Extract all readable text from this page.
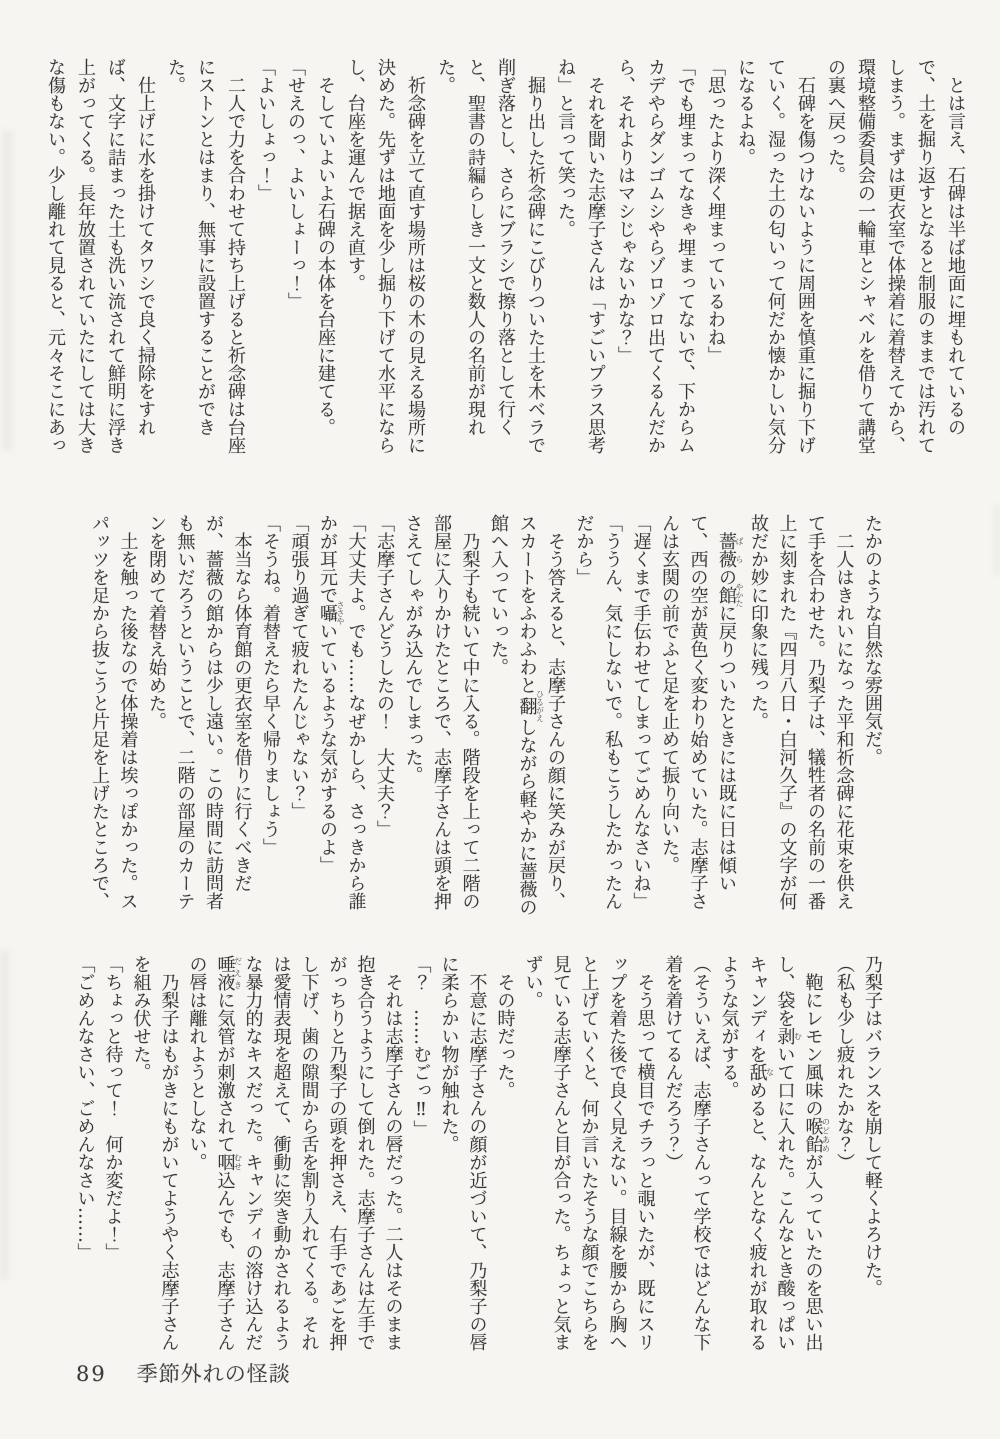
とは言え、石碑は半ば地面に埋もれているので、土を掘り返すとなると制服のままでは汚れてしまう。まずは更衣室で体操着に着替えてから、環境整備委員会の一輪車とシャベルを借りて講堂の裏へ戻った。

石碑を傷つけないように周囲を慎重に掘り下げていく。湿った土の匂いって何だか懐かしい気分になるよね。

「思ったより深く埋まっているわね」

「でも埋まってなきゃ埋まってないで、下からムカデやらダンゴムシやらゾロゾロ出てくるんだから、それよりはマシじゃないかな？」

それを聞いた志摩子さんは「すごいプラス思考ね」と言って笑った。

掘り出した祈念碑にこびりついた土を木ベラで削ぎ落とし、さらにブラシで擦り落として行くと、聖書の詩編らしき一文と数人の名前が現れた。

祈念碑を立て直す場所は桜の木の見える場所に決めた。先ずは地面を少し掘り下げて水平にならし、台座を運んで据え直す。

そしていよいよ石碑の本体を台座に建てる。

「せえのっ、よいしょーっ！」

「よいしょっ！」

二人で力を合わせて持ち上げると祈念碑は台座にストンとはまり、無事に設置することができた。

仕上げに水を掛けてタワシで良く掃除をすれば、文字に詰まった土も洗い流されて鮮明に浮き上がってくる。長年放置されていたにしては大きな傷もない。少し離れて見ると、元々そこにあっ

たかのような自然な雰囲気だ。

二人はきれいになった平和祈念碑に花束を供えて手を合わせた。乃梨子は、犠牲者の名前の一番上に刻まれた『四月八日・白河久子』の文字が何故だか妙に印象に残った。

薔薇ばらの館やかたに戻りついたときには既に日は傾いて、西の空が黄色く変わり始めていた。志摩子さんは玄関の前でふと足を止めて振り向いた。

「遅くまで手伝わせてしまってごめんなさいね」

「ううん、気にしないで。私もこうしたかったんだから」

そう答えると、志摩子さんの顔に笑みが戻り、スカートをふわふわと翻ひるがえしながら軽やかに薔薇の館へ入っていった。

乃梨子も続いて中に入る。階段を上って二階の部屋に入りかけたところで、志摩子さんは頭を押さえてしゃがみ込んでしまった。

「志摩子さんどうしたの！　大丈夫？」

「大丈夫よ。でも……なぜかしら、さっきから誰かが耳元で囁ささやいているような気がするのよ」

「頑張り過ぎて疲れたんじゃない？」

「そうね。着替えたら早く帰りましょう」

本当なら体育館の更衣室を借りに行くべきだが、薔薇の館からは少し遠い。この時間に訪問者も無いだろうということで、二階の部屋のカーテンを閉めて着替え始めた。

土を触った後なので体操着は埃っぽかった。スパッツを足から抜こうと片足を上げたところで、

乃梨子はバランスを崩して軽くよろけた。

（私も少し疲れたかな？）

鞄にレモン風味の喉飴のどあめが入っていたのを思い出し、袋を剥むいて口に入れた。こんなとき酸っぱいキャンディを舐なめると、なんとなく疲れが取れるような気がする。

（そういえば、志摩子さんって学校ではどんな下着を着けてるんだろう？）

そう思って横目でチラっと覗いたが、既にスリップを着た後で良く見えない。目線を腰から胸へと上げていくと、何か言いたそうな顔でこちらを見ている志摩子さんと目が合った。ちょっと気まずい。

その時だった。

不意に志摩子さんの顔が近づいて、乃梨子の唇に柔らかい物が触れた。

「？　……むごっ‼」

それは志摩子さんの唇だった。二人はそのまま抱き合うようにして倒れた。志摩子さんは左手でがっちりと乃梨子の頭を押さえ、右手であごを押し下げ、歯の隙間から舌を割り入れてくる。それは愛情表現を超えて、衝動に突き動かされるような暴力的なキスだった。キャンディの溶け込んだ唾液だえきに気管が刺激されて咽むせ込んでも、志摩子さんの唇は離れようとしない。

乃梨子はもがきにもがいてようやく志摩子さんを組み伏せた。

「ちょっと待って！　何か変だよ！」

「ごめんなさい、ごめんなさい……」

89 季節外れの怪談
